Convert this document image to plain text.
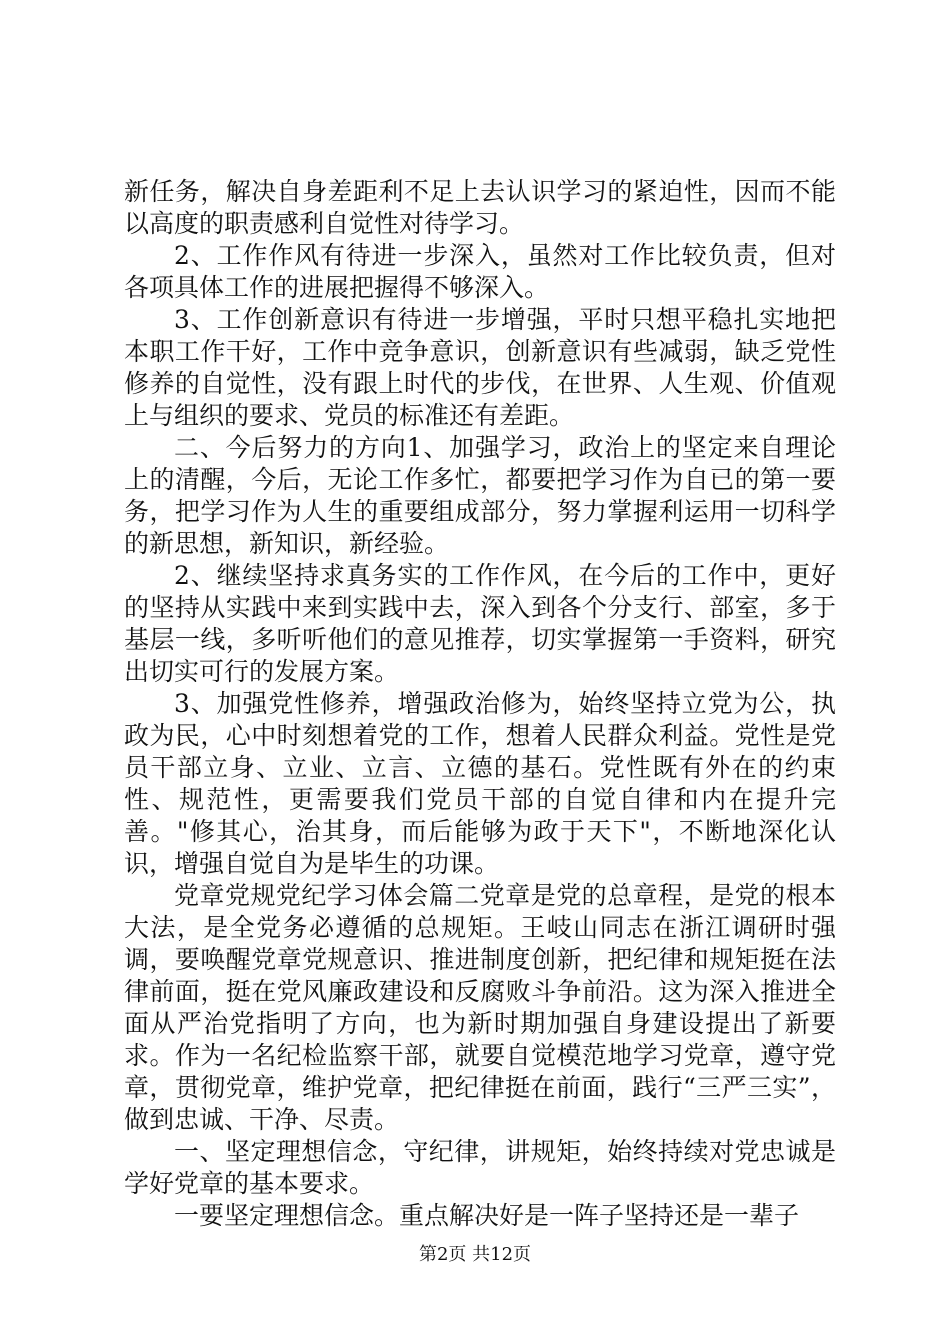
新任务，解决自身差距利不足上去认识学习的紧迫性，因而不能以高度的职责感利自觉性对待学习。

2、工作作风有待进一步深入，虽然对工作比较负责，但对各项具体工作的进展把握得不够深入。

3、工作创新意识有待进一步增强，平时只想平稳扎实地把本职工作干好，工作中竞争意识，创新意识有些减弱，缺乏党性修养的自觉性，没有跟上时代的步伐，在世界、人生观、价值观上与组织的要求、党员的标准还有差距。

二、今后努力的方向1、加强学习，政治上的坚定来自理论上的清醒，今后，无论工作多忙，都要把学习作为自已的第一要务，把学习作为人生的重要组成部分，努力掌握利运用一切科学的新思想，新知识，新经验。

2、继续坚持求真务实的工作作风，在今后的工作中，更好的坚持从实践中来到实践中去，深入到各个分支行、部室，多于基层一线，多听听他们的意见推荐，切实掌握第一手资料，研究出切实可行的发展方案。

3、加强党性修养，增强政治修为，始终坚持立党为公，执政为民，心中时刻想着党的工作，想着人民群众利益。党性是党员干部立身、立业、立言、立德的基石。党性既有外在的约束性、规范性，更需要我们党员干部的自觉自律和内在提升完善。"修其心，治其身，而后能够为政于天下"，不断地深化认识，增强自觉自为是毕生的功课。

党章党规党纪学习体会篇二党章是党的总章程，是党的根本大法，是全党务必遵循的总规矩。王岐山同志在浙江调研时强调，要唤醒党章党规意识、推进制度创新，把纪律和规矩挺在法律前面，挺在党风廉政建设和反腐败斗争前沿。这为深入推进全面从严治党指明了方向，也为新时期加强自身建设提出了新要求。作为一名纪检监察干部，就要自觉模范地学习党章，遵守党章，贯彻党章，维护党章，把纪律挺在前面，践行“三严三实”，做到忠诚、干净、尽责。

一、坚定理想信念，守纪律，讲规矩，始终持续对党忠诚是学好党章的基本要求。

一要坚定理想信念。重点解决好是一阵子坚持还是一辈子

第2页 共12页
